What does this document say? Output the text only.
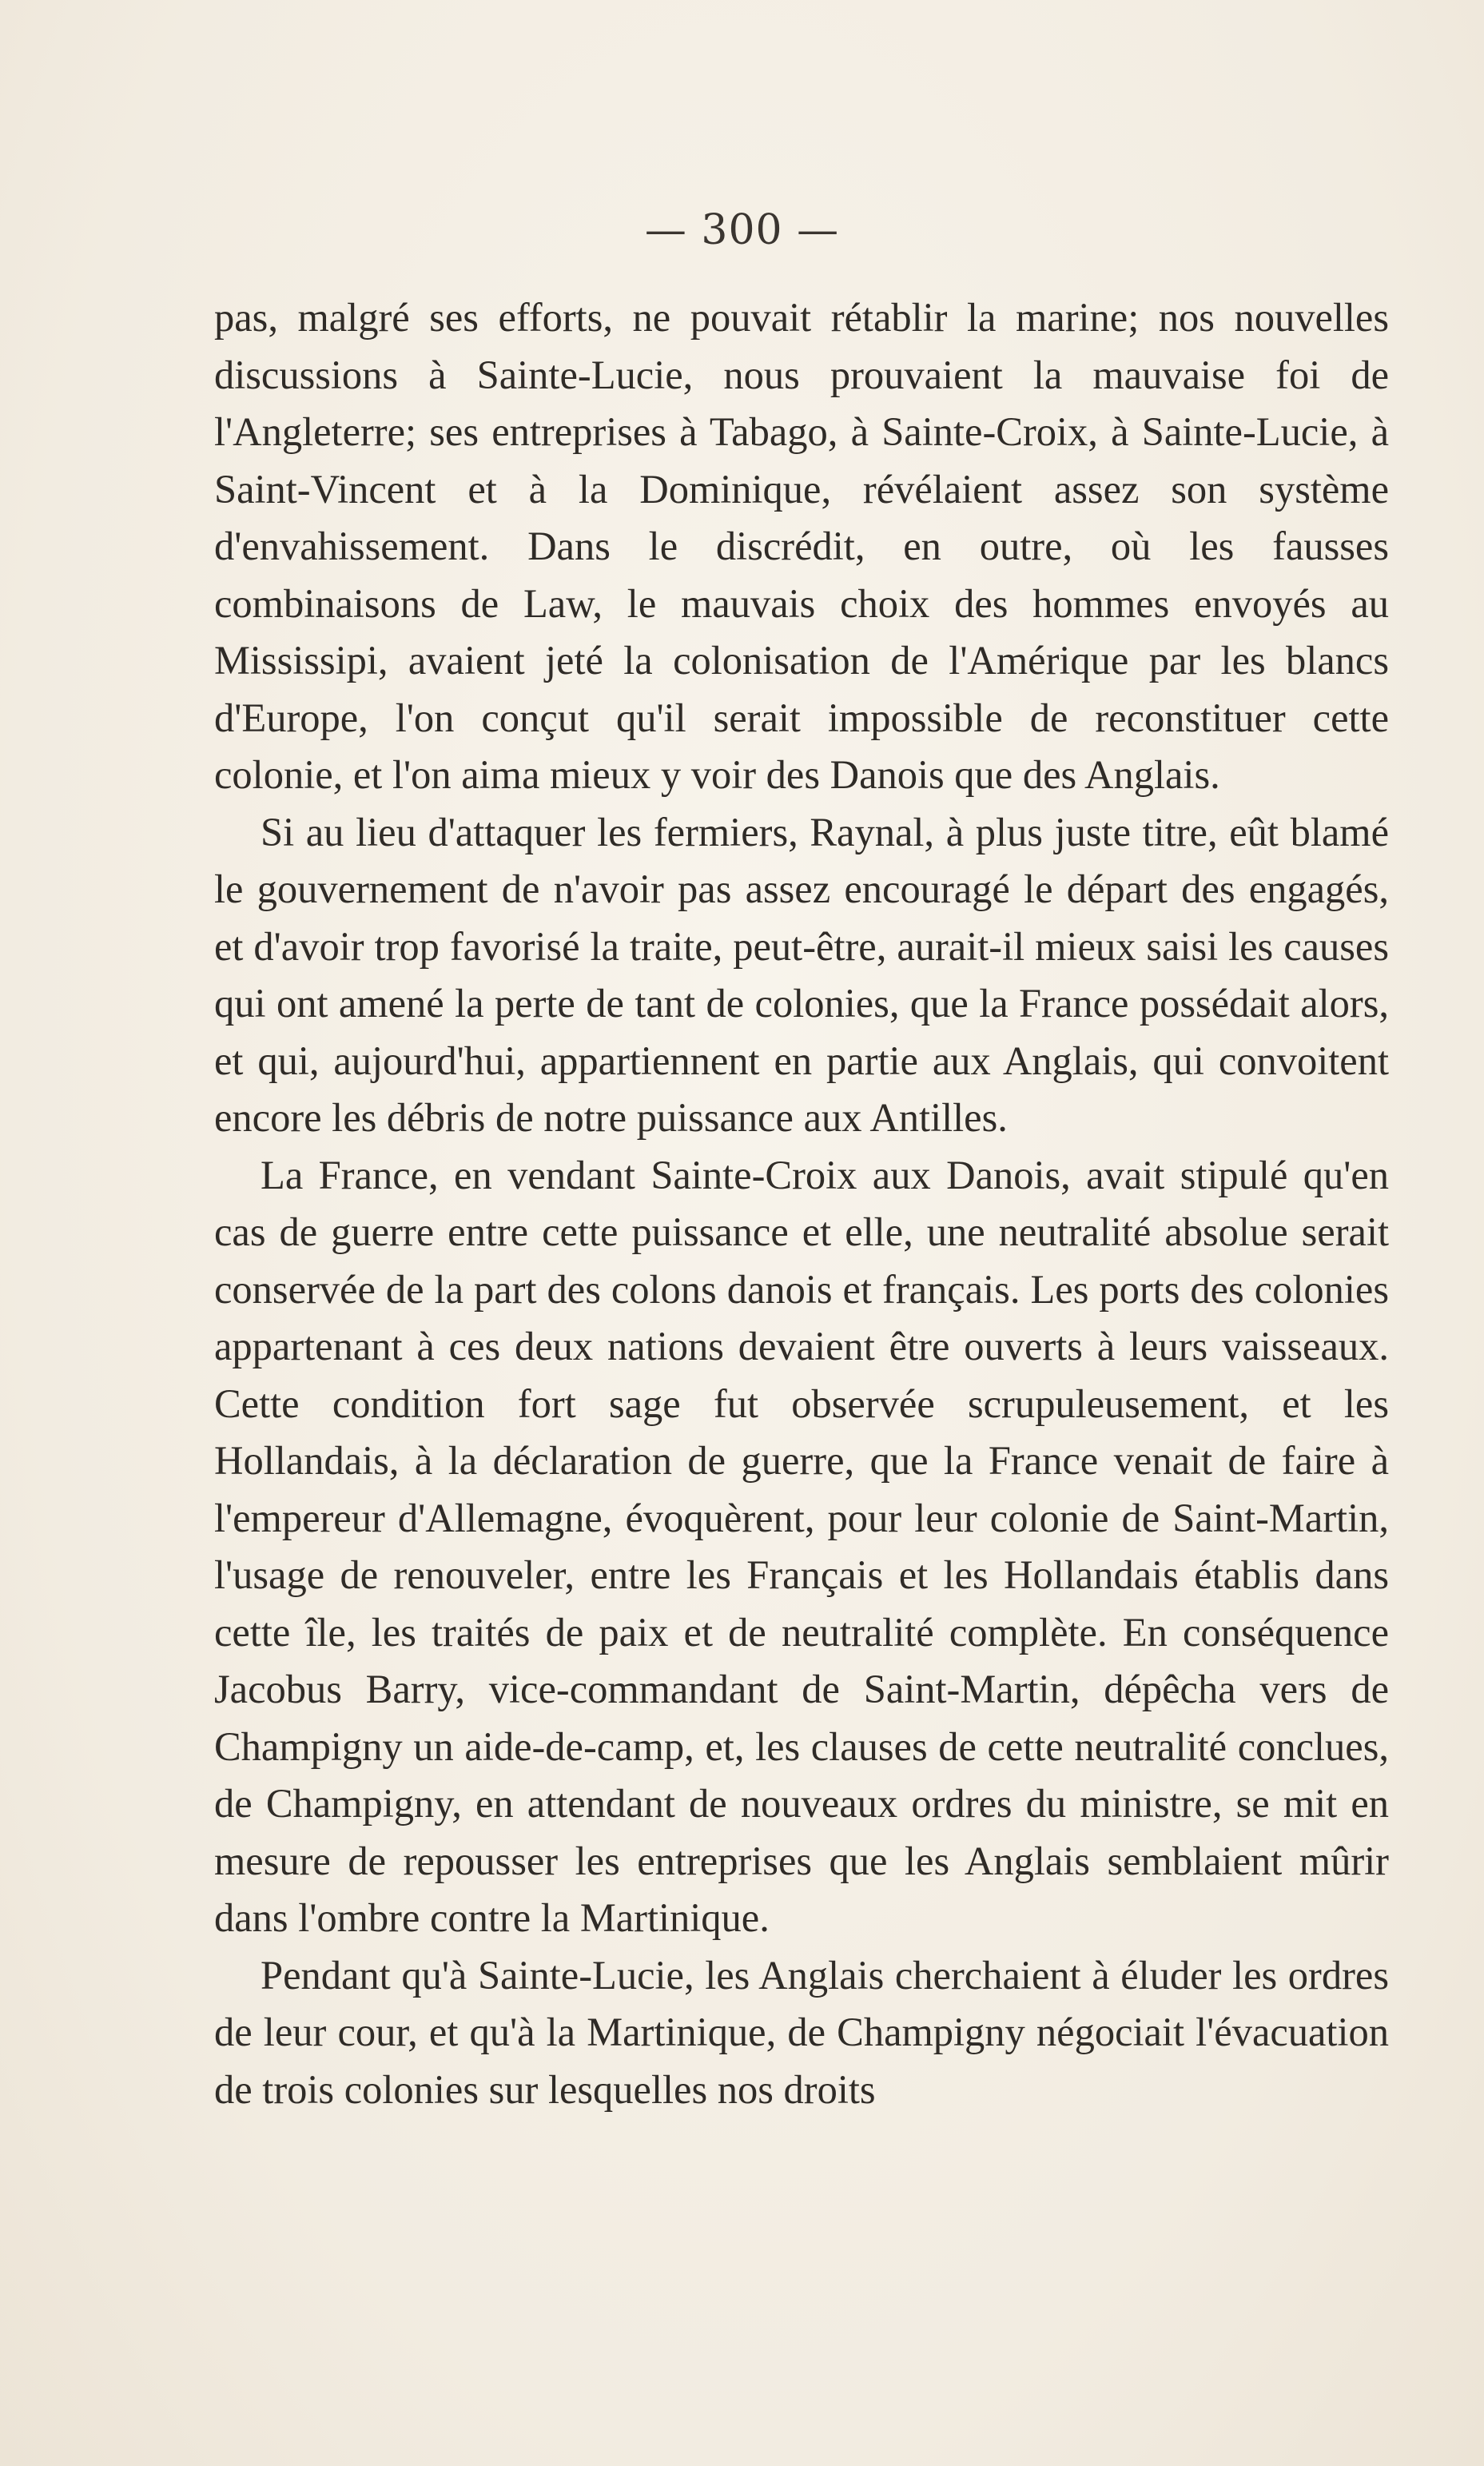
— 300 —

pas, malgré ses efforts, ne pouvait rétablir la marine; nos nouvelles discussions à Sainte-Lucie, nous prouvaient la mauvaise foi de l'Angleterre; ses entreprises à Tabago, à Sainte-Croix, à Sainte-Lucie, à Saint-Vincent et à la Dominique, révélaient assez son système d'envahissement. Dans le discrédit, en outre, où les fausses combinaisons de Law, le mauvais choix des hommes envoyés au Mississipi, avaient jeté la colonisation de l'Amérique par les blancs d'Europe, l'on conçut qu'il serait impossible de reconstituer cette colonie, et l'on aima mieux y voir des Danois que des Anglais.

Si au lieu d'attaquer les fermiers, Raynal, à plus juste titre, eût blamé le gouvernement de n'avoir pas assez encouragé le départ des engagés, et d'avoir trop favorisé la traite, peut-être, aurait-il mieux saisi les causes qui ont amené la perte de tant de colonies, que la France possédait alors, et qui, aujourd'hui, appartiennent en partie aux Anglais, qui convoitent encore les débris de notre puissance aux Antilles.

La France, en vendant Sainte-Croix aux Danois, avait stipulé qu'en cas de guerre entre cette puissance et elle, une neutralité absolue serait conservée de la part des colons danois et français. Les ports des colonies appartenant à ces deux nations devaient être ouverts à leurs vaisseaux. Cette condition fort sage fut observée scrupuleusement, et les Hollandais, à la déclaration de guerre, que la France venait de faire à l'empereur d'Allemagne, évoquèrent, pour leur colonie de Saint-Martin, l'usage de renouveler, entre les Français et les Hollandais établis dans cette île, les traités de paix et de neutralité complète. En conséquence Jacobus Barry, vice-commandant de Saint-Martin, dépêcha vers de Champigny un aide-de-camp, et, les clauses de cette neutralité conclues, de Champigny, en attendant de nouveaux ordres du ministre, se mit en mesure de repousser les entreprises que les Anglais semblaient mûrir dans l'ombre contre la Martinique.

Pendant qu'à Sainte-Lucie, les Anglais cherchaient à éluder les ordres de leur cour, et qu'à la Martinique, de Champigny négociait l'évacuation de trois colonies sur lesquelles nos droits
